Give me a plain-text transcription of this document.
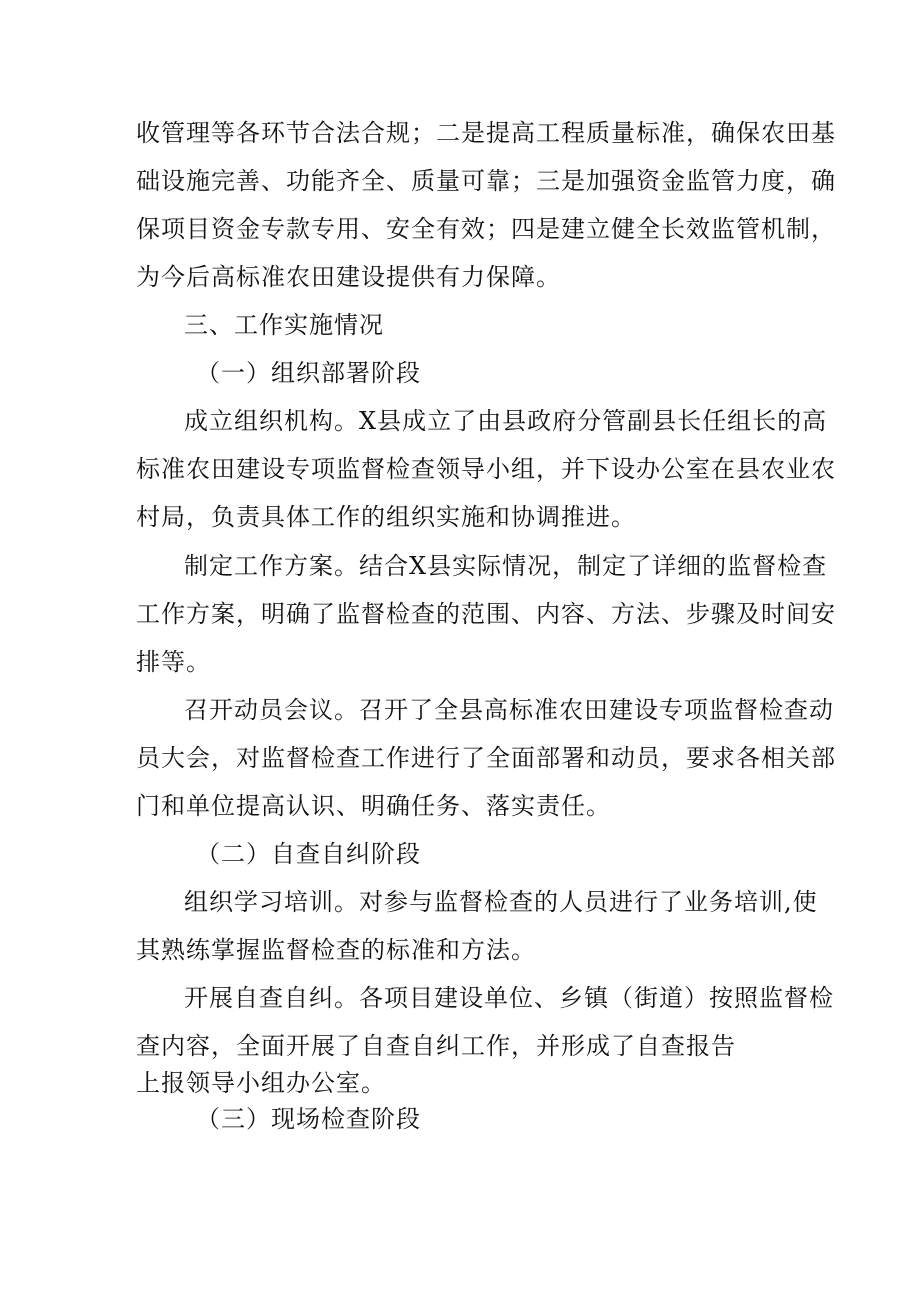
收管理等各环节合法合规；二是提高工程质量标准，确保农田基
础设施完善、功能齐全、质量可靠；三是加强资金监管力度，确
保项目资金专款专用、安全有效；四是建立健全长效监管机制，
为今后高标准农田建设提供有力保障。
三、工作实施情况
（一）组织部署阶段
成立组织机构。X县成立了由县政府分管副县长任组长的高
标准农田建设专项监督检查领导小组，并下设办公室在县农业农
村局，负责具体工作的组织实施和协调推进。
制定工作方案。结合X县实际情况，制定了详细的监督检查
工作方案，明确了监督检查的范围、内容、方法、步骤及时间安
排等。
召开动员会议。召开了全县高标准农田建设专项监督检查动
员大会，对监督检查工作进行了全面部署和动员，要求各相关部
门和单位提高认识、明确任务、落实责任。
（二）自查自纠阶段
组织学习培训。对参与监督检查的人员进行了业务培训,使
其熟练掌握监督检查的标准和方法。
开展自查自纠。各项目建设单位、乡镇（街道）按照监督检
查内容，全面开展了自查自纠工作，并形成了自查报告
上报领导小组办公室。
（三）现场检查阶段
